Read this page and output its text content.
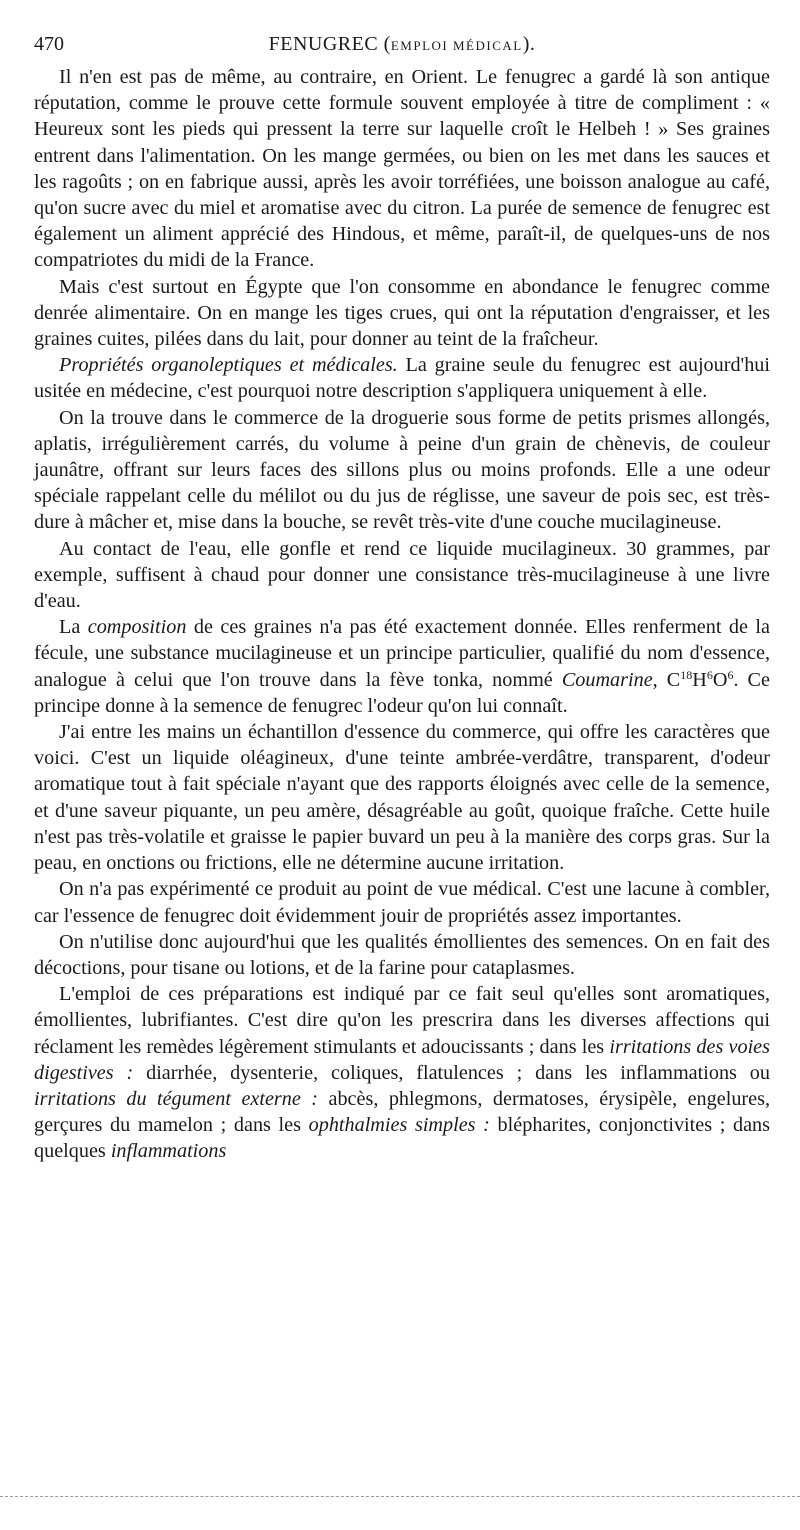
470	FENUGREC (EMPLOI MÉDICAL).

Il n'en est pas de même, au contraire, en Orient. Le fenugrec a gardé là son antique réputation, comme le prouve cette formule souvent employée à titre de compliment : « Heureux sont les pieds qui pressent la terre sur laquelle croît le Helbeh ! » Ses graines entrent dans l'alimentation. On les mange germées, ou bien on les met dans les sauces et les ragoûts ; on en fabrique aussi, après les avoir torréfiées, une boisson analogue au café, qu'on sucre avec du miel et aromatise avec du citron. La purée de semence de fenugrec est également un aliment apprécié des Hindous, et même, paraît-il, de quelques-uns de nos compatriotes du midi de la France.

Mais c'est surtout en Égypte que l'on consomme en abondance le fenugrec comme denrée alimentaire. On en mange les tiges crues, qui ont la réputation d'engraisser, et les graines cuites, pilées dans du lait, pour donner au teint de la fraîcheur.

Propriétés organoleptiques et médicales. La graine seule du fenugrec est aujourd'hui usitée en médecine, c'est pourquoi notre description s'appliquera uniquement à elle.

On la trouve dans le commerce de la droguerie sous forme de petits prismes allongés, aplatis, irrégulièrement carrés, du volume à peine d'un grain de chènevis, de couleur jaunâtre, offrant sur leurs faces des sillons plus ou moins profonds. Elle a une odeur spéciale rappelant celle du mélilot ou du jus de réglisse, une saveur de pois sec, est très-dure à mâcher et, mise dans la bouche, se revêt très-vite d'une couche mucilagineuse.

Au contact de l'eau, elle gonfle et rend ce liquide mucilagineux. 30 grammes, par exemple, suffisent à chaud pour donner une consistance très-mucilagineuse à une livre d'eau.

La composition de ces graines n'a pas été exactement donnée. Elles renferment de la fécule, une substance mucilagineuse et un principe particulier, qualifié du nom d'essence, analogue à celui que l'on trouve dans la fève tonka, nommé Coumarine, $C^{18}H^6O^6$. Ce principe donne à la semence de fenugrec l'odeur qu'on lui connaît.

J'ai entre les mains un échantillon d'essence du commerce, qui offre les caractères que voici. C'est un liquide oléagineux, d'une teinte ambrée-verdâtre, transparent, d'odeur aromatique tout à fait spéciale n'ayant que des rapports éloignés avec celle de la semence, et d'une saveur piquante, un peu amère, désagréable au goût, quoique fraîche. Cette huile n'est pas très-volatile et graisse le papier buvard un peu à la manière des corps gras. Sur la peau, en onctions ou frictions, elle ne détermine aucune irritation.

On n'a pas expérimenté ce produit au point de vue médical. C'est une lacune à combler, car l'essence de fenugrec doit évidemment jouir de propriétés assez importantes.

On n'utilise donc aujourd'hui que les qualités émollientes des semences. On en fait des décoctions, pour tisane ou lotions, et de la farine pour cataplasmes.

L'emploi de ces préparations est indiqué par ce fait seul qu'elles sont aromatiques, émollientes, lubrifiantes. C'est dire qu'on les prescrira dans les diverses affections qui réclament les remèdes légèrement stimulants et adoucissants ; dans les irritations des voies digestives : diarrhée, dysenterie, coliques, flatulences ; dans les inflammations ou irritations du tégument externe : abcès, phlegmons, dermatoses, érysipèle, engelures, gerçures du mamelon ; dans les ophthalmies simples : blépharites, conjonctivites ; dans quelques inflammations
